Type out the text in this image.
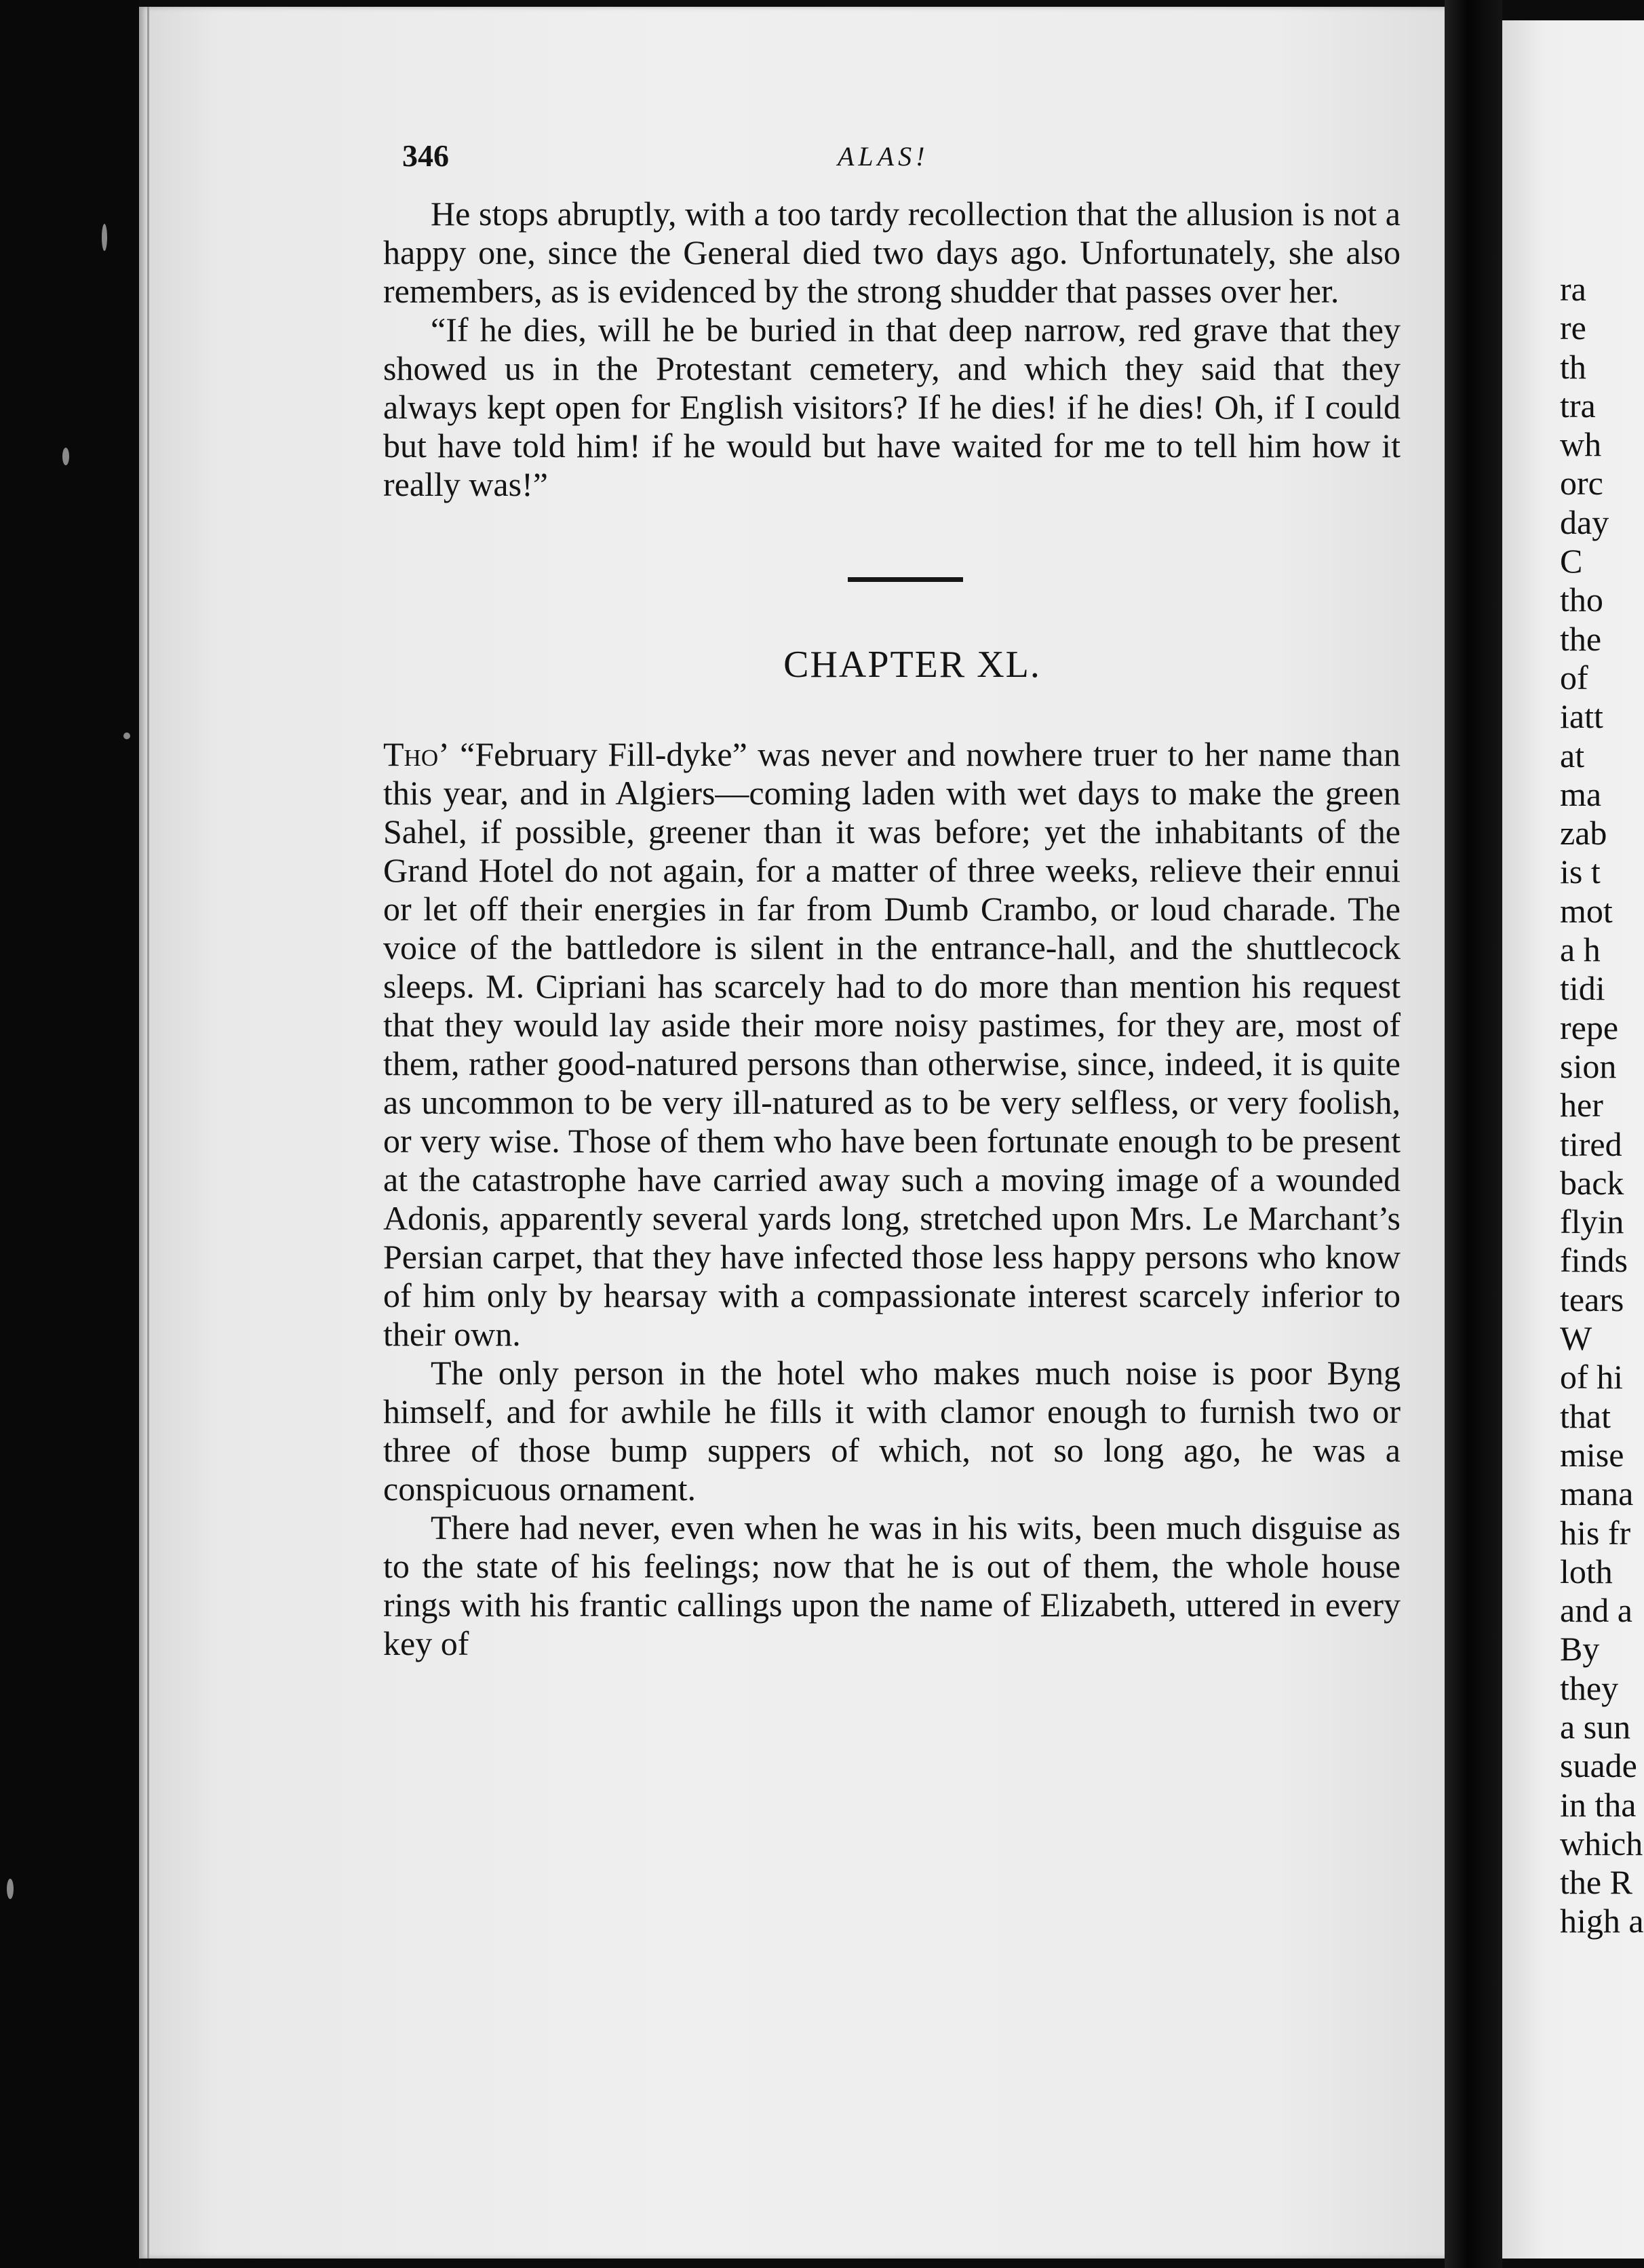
ra
re
th
tra
wh
orc
day
C
tho
the
of
iatt
at
ma
zab
is t
mot
a h
tidi
repe
sion
her
tired
back
flyin
finds
tears
W
of hi
that
mise
mana
his fr
loth
and a
By
they
a sun
suade
in tha
which
the R
high a
346	ALAS!

He stops abruptly, with a too tardy recollection that the allusion is not a happy one, since the General died two days ago. Unfortunately, she also remembers, as is evidenced by the strong shudder that passes over her.

“If he dies, will he be buried in that deep narrow, red grave that they showed us in the Protestant cemetery, and which they said that they always kept open for English visitors? If he dies! if he dies! Oh, if I could but have told him! if he would but have waited for me to tell him how it really was!”

CHAPTER XL.

Tho’ “February Fill-dyke” was never and nowhere truer to her name than this year, and in Algiers—coming laden with wet days to make the green Sahel, if possible, greener than it was before; yet the inhabitants of the Grand Hotel do not again, for a matter of three weeks, relieve their ennui or let off their energies in far from Dumb Crambo, or loud charade. The voice of the battledore is silent in the entrance-hall, and the shuttlecock sleeps. M. Cipriani has scarcely had to do more than mention his request that they would lay aside their more noisy pastimes, for they are, most of them, rather good-natured persons than otherwise, since, indeed, it is quite as uncommon to be very ill-natured as to be very selfless, or very foolish, or very wise. Those of them who have been fortunate enough to be present at the catastrophe have carried away such a moving image of a wounded Adonis, apparently several yards long, stretched upon Mrs. Le Marchant’s Persian carpet, that they have infected those less happy persons who know of him only by hearsay with a compassionate interest scarcely inferior to their own.

The only person in the hotel who makes much noise is poor Byng himself, and for awhile he fills it with clamor enough to furnish two or three of those bump suppers of which, not so long ago, he was a conspicuous ornament.

There had never, even when he was in his wits, been much disguise as to the state of his feelings; now that he is out of them, the whole house rings with his frantic callings upon the name of Elizabeth, uttered in every key of
